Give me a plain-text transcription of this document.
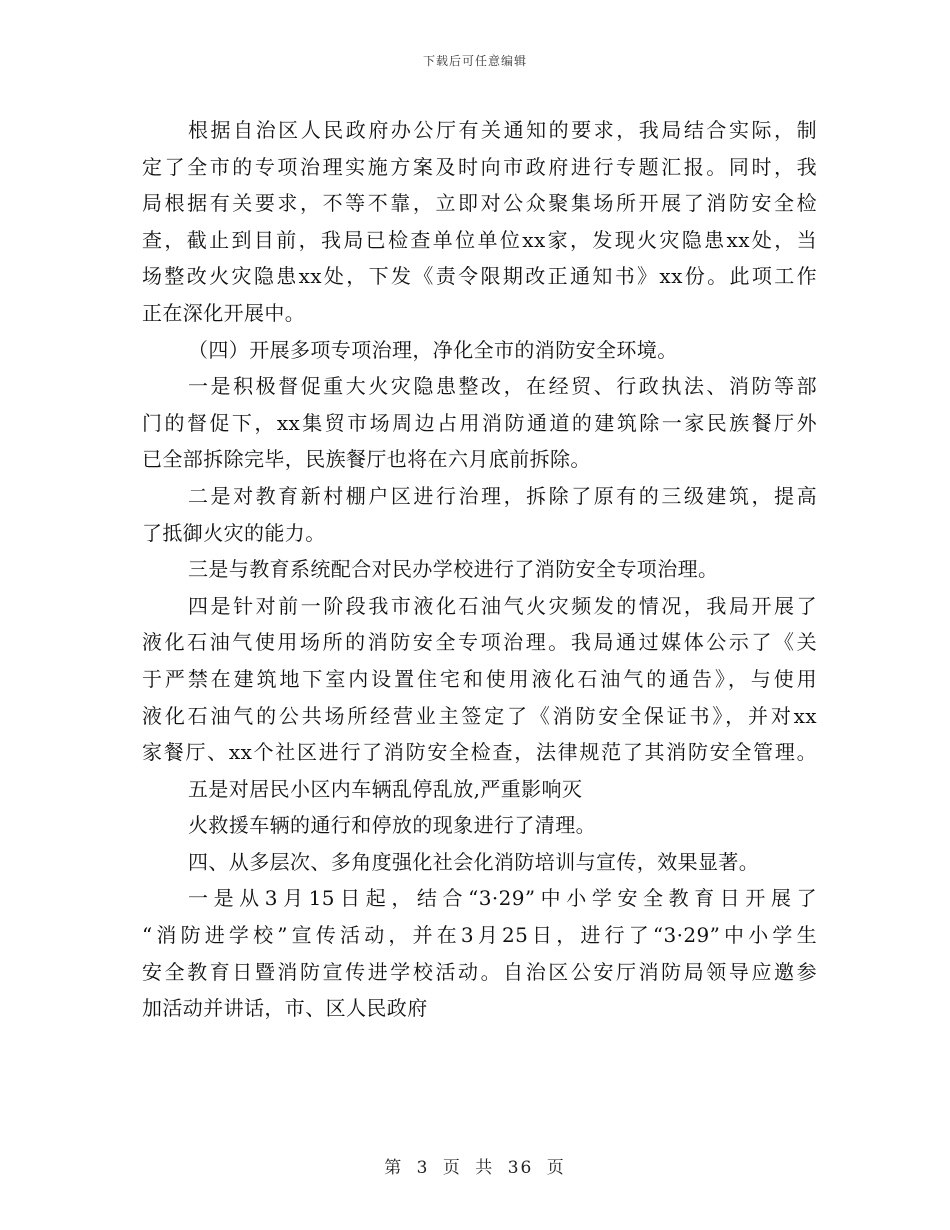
下载后可任意编辑
根据自治区人民政府办公厅有关通知的要求，我局结合实际，制
定了全市的专项治理实施方案及时向市政府进行专题汇报。同时，我
局根据有关要求，不等不靠，立即对公众聚集场所开展了消防安全检
查，截止到目前，我局已检查单位单位xx家，发现火灾隐患xx处，当
场整改火灾隐患xx处，下发《责令限期改正通知书》xx份。此项工作
正在深化开展中。
（四）开展多项专项治理，净化全市的消防安全环境。
一是积极督促重大火灾隐患整改，在经贸、行政执法、消防等部
门的督促下，xx集贸市场周边占用消防通道的建筑除一家民族餐厅外
已全部拆除完毕，民族餐厅也将在六月底前拆除。
二是对教育新村棚户区进行治理，拆除了原有的三级建筑，提高
了抵御火灾的能力。
三是与教育系统配合对民办学校进行了消防安全专项治理。
四是针对前一阶段我市液化石油气火灾频发的情况，我局开展了
液化石油气使用场所的消防安全专项治理。我局通过媒体公示了《关
于严禁在建筑地下室内设置住宅和使用液化石油气的通告》，与使用
液化石油气的公共场所经营业主签定了《消防安全保证书》，并对xx
家餐厅、xx个社区进行了消防安全检查，法律规范了其消防安全管理。
五是对居民小区内车辆乱停乱放,严重影响灭
火救援车辆的通行和停放的现象进行了清理。
四、从多层次、多角度强化社会化消防培训与宣传，效果显著。
一是从3月15日起，结合“3·29”中小学安全教育日开展了
“消防进学校”宣传活动，并在3月25日，进行了“3·29”中小学生
安全教育日暨消防宣传进学校活动。自治区公安厅消防局领导应邀参
加活动并讲话，市、区人民政府
第 3 页 共 36 页
